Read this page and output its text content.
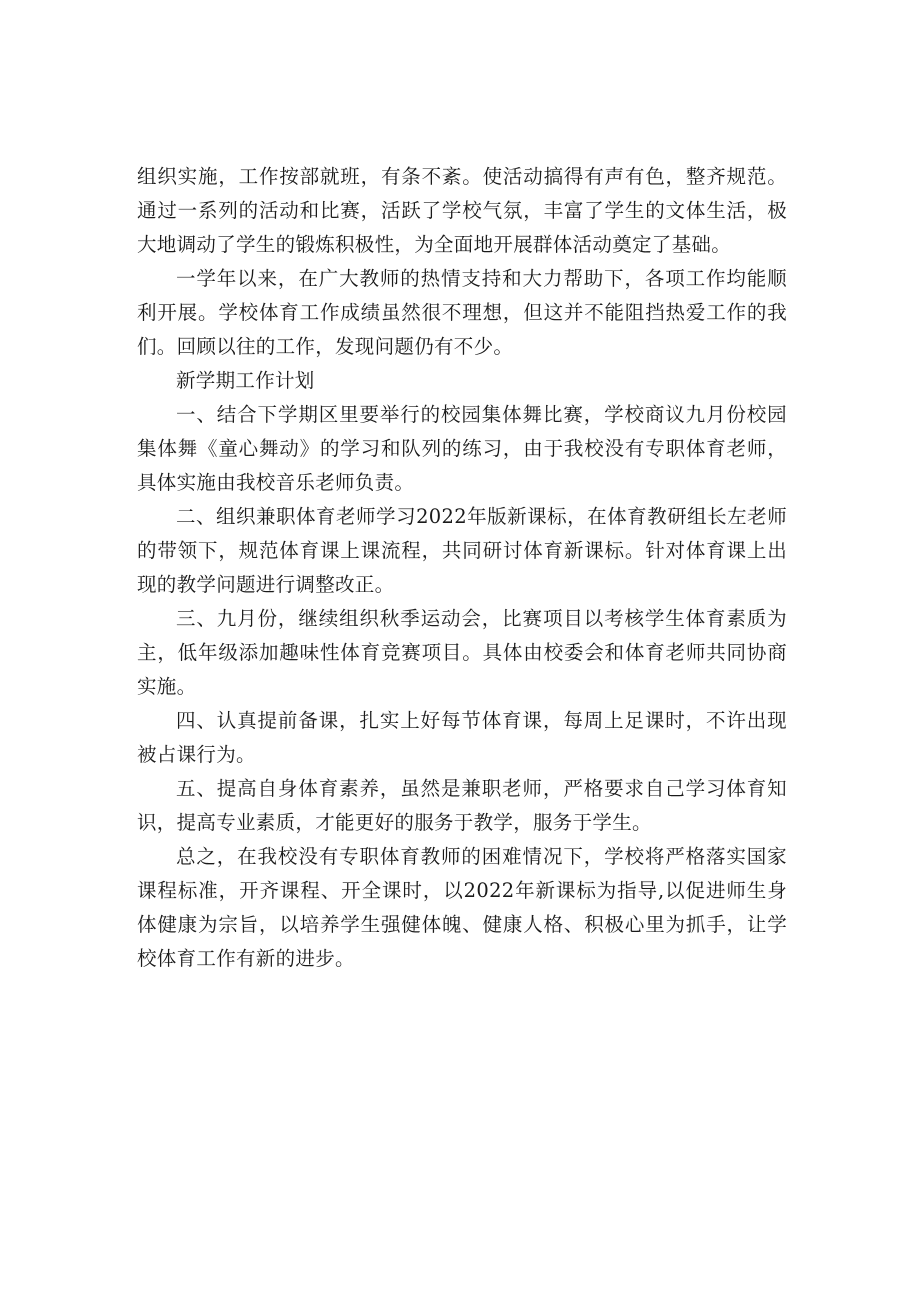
组织实施，工作按部就班，有条不紊。使活动搞得有声有色，整齐规范。通过一系列的活动和比赛，活跃了学校气氛，丰富了学生的文体生活，极大地调动了学生的锻炼积极性，为全面地开展群体活动奠定了基础。

一学年以来，在广大教师的热情支持和大力帮助下，各项工作均能顺利开展。学校体育工作成绩虽然很不理想，但这并不能阻挡热爱工作的我们。回顾以往的工作，发现问题仍有不少。

新学期工作计划

一、结合下学期区里要举行的校园集体舞比赛，学校商议九月份校园集体舞《童心舞动》的学习和队列的练习，由于我校没有专职体育老师，具体实施由我校音乐老师负责。

二、组织兼职体育老师学习2022年版新课标，在体育教研组长左老师的带领下，规范体育课上课流程，共同研讨体育新课标。针对体育课上出现的教学问题进行调整改正。

三、九月份，继续组织秋季运动会，比赛项目以考核学生体育素质为主，低年级添加趣味性体育竞赛项目。具体由校委会和体育老师共同协商实施。

四、认真提前备课，扎实上好每节体育课，每周上足课时，不许出现被占课行为。

五、提高自身体育素养，虽然是兼职老师，严格要求自己学习体育知识，提高专业素质，才能更好的服务于教学，服务于学生。

总之，在我校没有专职体育教师的困难情况下，学校将严格落实国家课程标准，开齐课程、开全课时，以2022年新课标为指导,以促进师生身体健康为宗旨，以培养学生强健体魄、健康人格、积极心里为抓手，让学校体育工作有新的进步。
